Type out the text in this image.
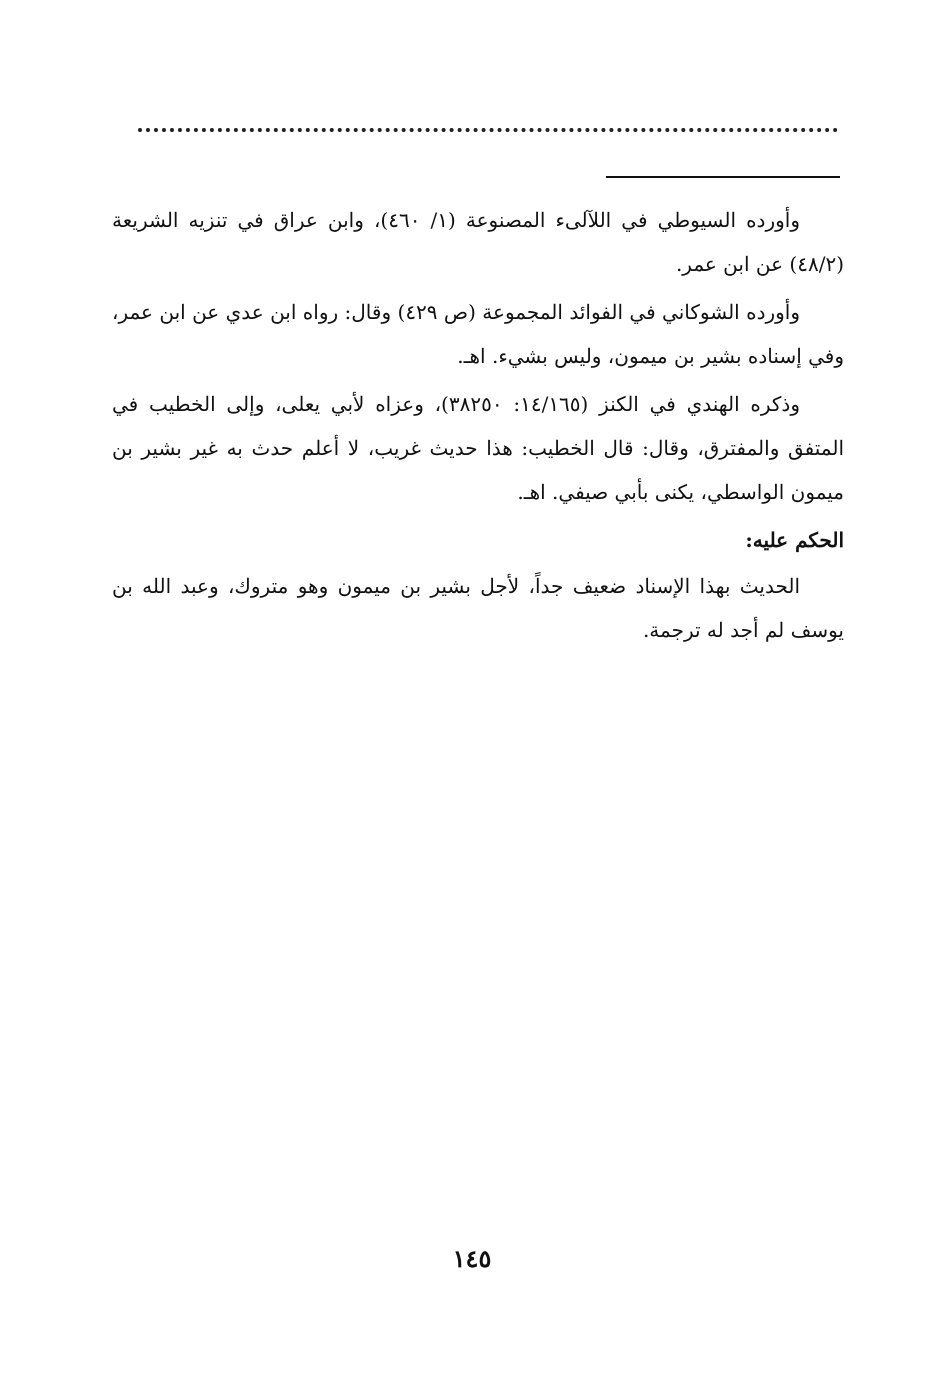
وأورده السيوطي في اللآلىء المصنوعة (١/ ٤٦٠)، وابن عراق في تنزيه الشريعة (٤٨/٢) عن ابن عمر.

وأورده الشوكاني في الفوائد المجموعة (ص ٤٢٩) وقال: رواه ابن عدي عن ابن عمر، وفي إسناده بشير بن ميمون، وليس بشيء. اهـ.

وذكره الهندي في الكنز (١٤/١٦٥: ٣٨٢٥٠)، وعزاه لأبي يعلى، وإلى الخطيب في المتفق والمفترق، وقال: قال الخطيب: هذا حديث غريب، لا أعلم حدث به غير بشير بن ميمون الواسطي، يكنى بأبي صيفي. اهـ.

الحكم عليه:

الحديث بهذا الإسناد ضعيف جداً، لأجل بشير بن ميمون وهو متروك، وعبد الله بن يوسف لم أجد له ترجمة.

١٤٥
